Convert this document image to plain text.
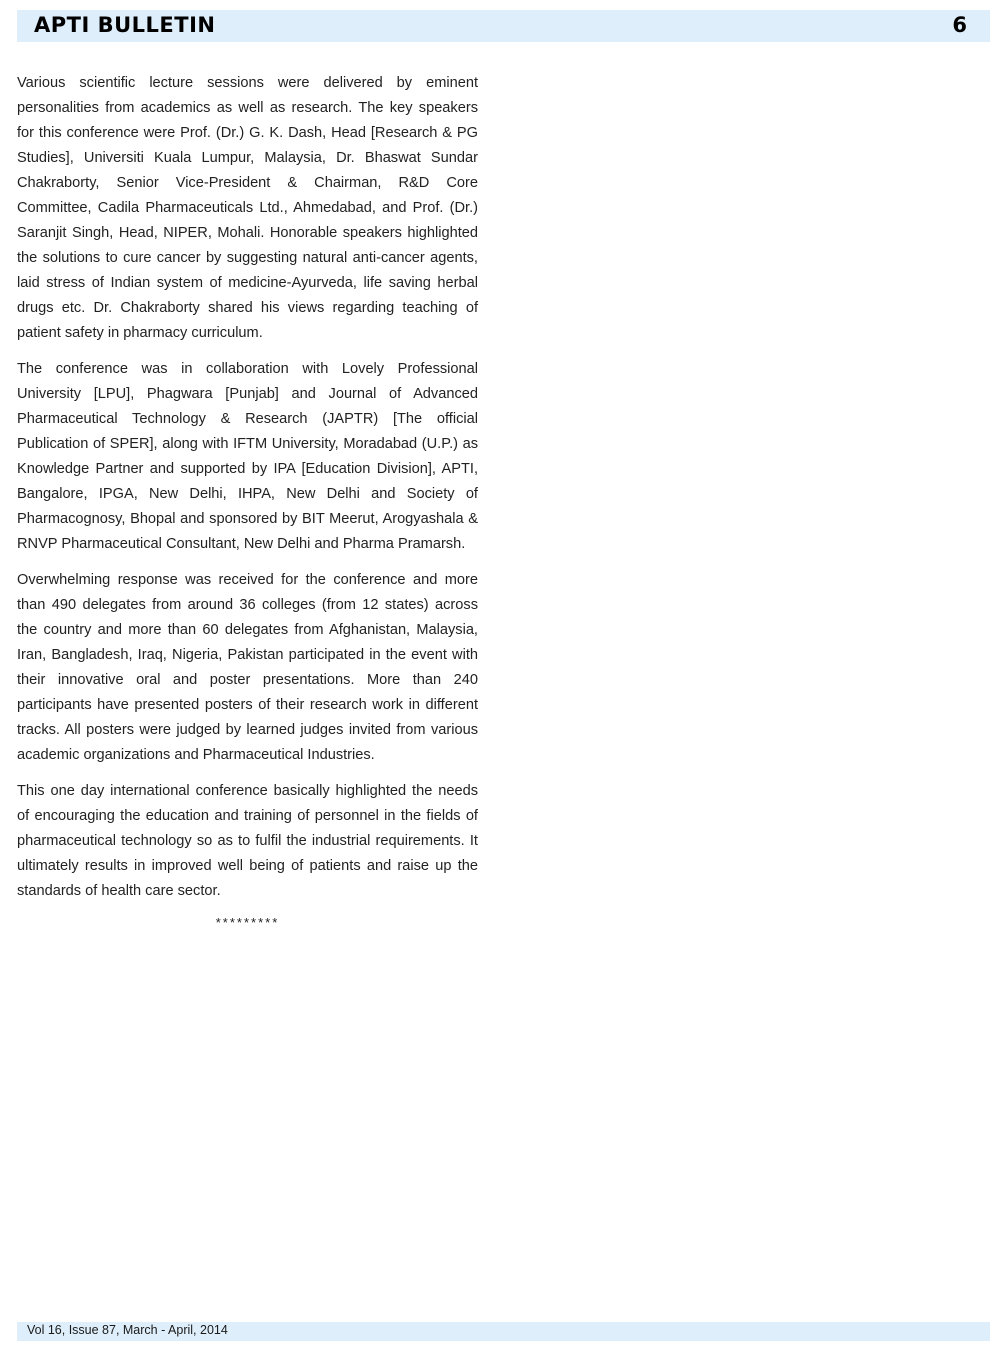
APTI BULLETIN	6

Various scientific lecture sessions were delivered by eminent personalities from academics as well as research. The key speakers for this conference were Prof. (Dr.) G. K. Dash, Head [Research & PG Studies], Universiti Kuala Lumpur, Malaysia, Dr. Bhaswat Sundar Chakraborty, Senior Vice-President & Chairman, R&D Core Committee, Cadila Pharmaceuticals Ltd., Ahmedabad, and Prof. (Dr.) Saranjit Singh, Head, NIPER, Mohali. Honorable speakers highlighted the solutions to cure cancer by suggesting natural anti-cancer agents, laid stress of Indian system of medicine-Ayurveda, life saving herbal drugs etc. Dr. Chakraborty shared his views regarding teaching of patient safety in pharmacy curriculum.

The conference was in collaboration with Lovely Professional University [LPU], Phagwara [Punjab] and Journal of Advanced Pharmaceutical Technology & Research (JAPTR) [The official Publication of SPER], along with IFTM University, Moradabad (U.P.) as Knowledge Partner and supported by IPA [Education Division], APTI, Bangalore, IPGA, New Delhi, IHPA, New Delhi and Society of Pharmacognosy, Bhopal and sponsored by BIT Meerut, Arogyashala & RNVP Pharmaceutical Consultant, New Delhi and Pharma Pramarsh.

Overwhelming response was received for the conference and more than 490 delegates from around 36 colleges (from 12 states) across the country and more than 60 delegates from Afghanistan, Malaysia, Iran, Bangladesh, Iraq, Nigeria, Pakistan participated in the event with their innovative oral and poster presentations. More than 240 participants have presented posters of their research work in different tracks. All posters were judged by learned judges invited from various academic organizations and Pharmaceutical Industries.

This one day international conference basically highlighted the needs of encouraging the education and training of personnel in the fields of pharmaceutical technology so as to fulfil the industrial requirements. It ultimately results in improved well being of patients and raise up the standards of health care sector.

*********
Vol 16, Issue 87, March - April, 2014
